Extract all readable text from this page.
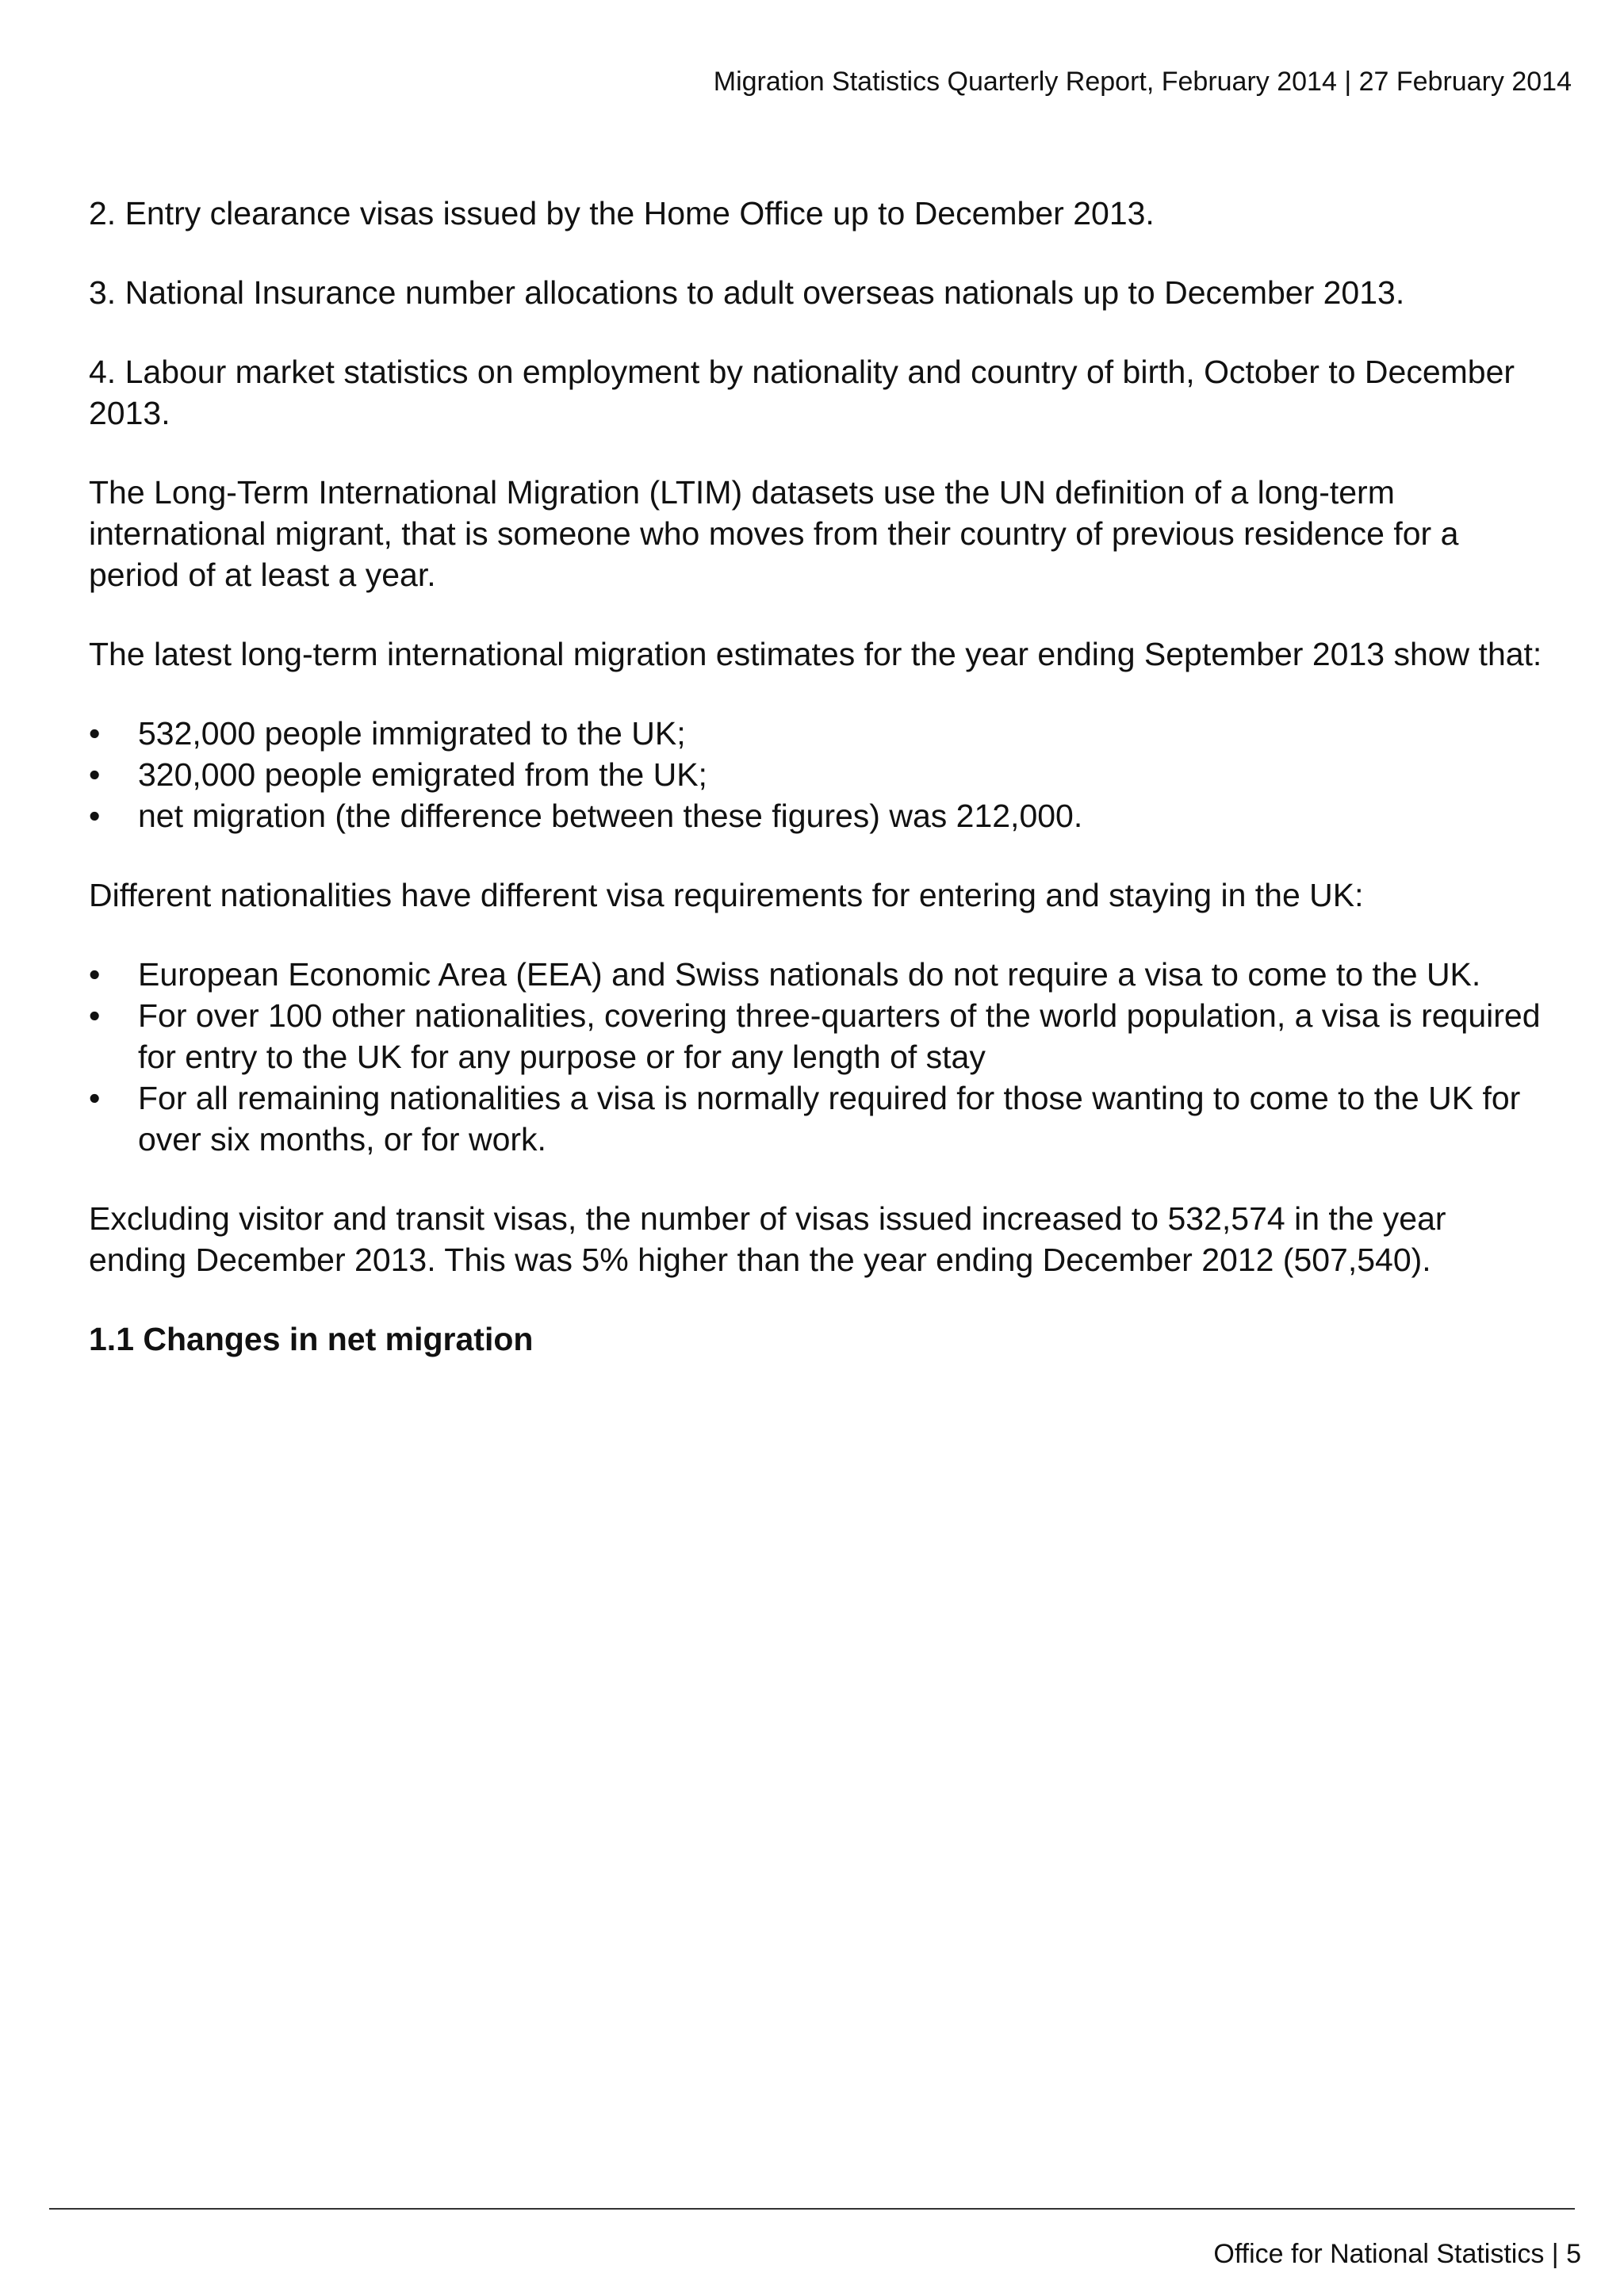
Migration Statistics Quarterly Report, February 2014 | 27 February 2014

2. Entry clearance visas issued by the Home Office up to December 2013.

3. National Insurance number allocations to adult overseas nationals up to December 2013.

4. Labour market statistics on employment by nationality and country of birth, October to December 2013.

The Long-Term International Migration (LTIM) datasets use the UN definition of a long-term international migrant, that is someone who moves from their country of previous residence for a period of at least a year.

The latest long-term international migration estimates for the year ending September 2013 show that:

• 532,000 people immigrated to the UK;
• 320,000 people emigrated from the UK;
• net migration (the difference between these figures) was 212,000.

Different nationalities have different visa requirements for entering and staying in the UK:

• European Economic Area (EEA) and Swiss nationals do not require a visa to come to the UK.
• For over 100 other nationalities, covering three-quarters of the world population, a visa is required for entry to the UK for any purpose or for any length of stay
• For all remaining nationalities a visa is normally required for those wanting to come to the UK for over six months, or for work.

Excluding visitor and transit visas, the number of visas issued increased to 532,574 in the year ending December 2013. This was 5% higher than the year ending December 2012 (507,540).

1.1 Changes in net migration
Office for National Statistics | 5
